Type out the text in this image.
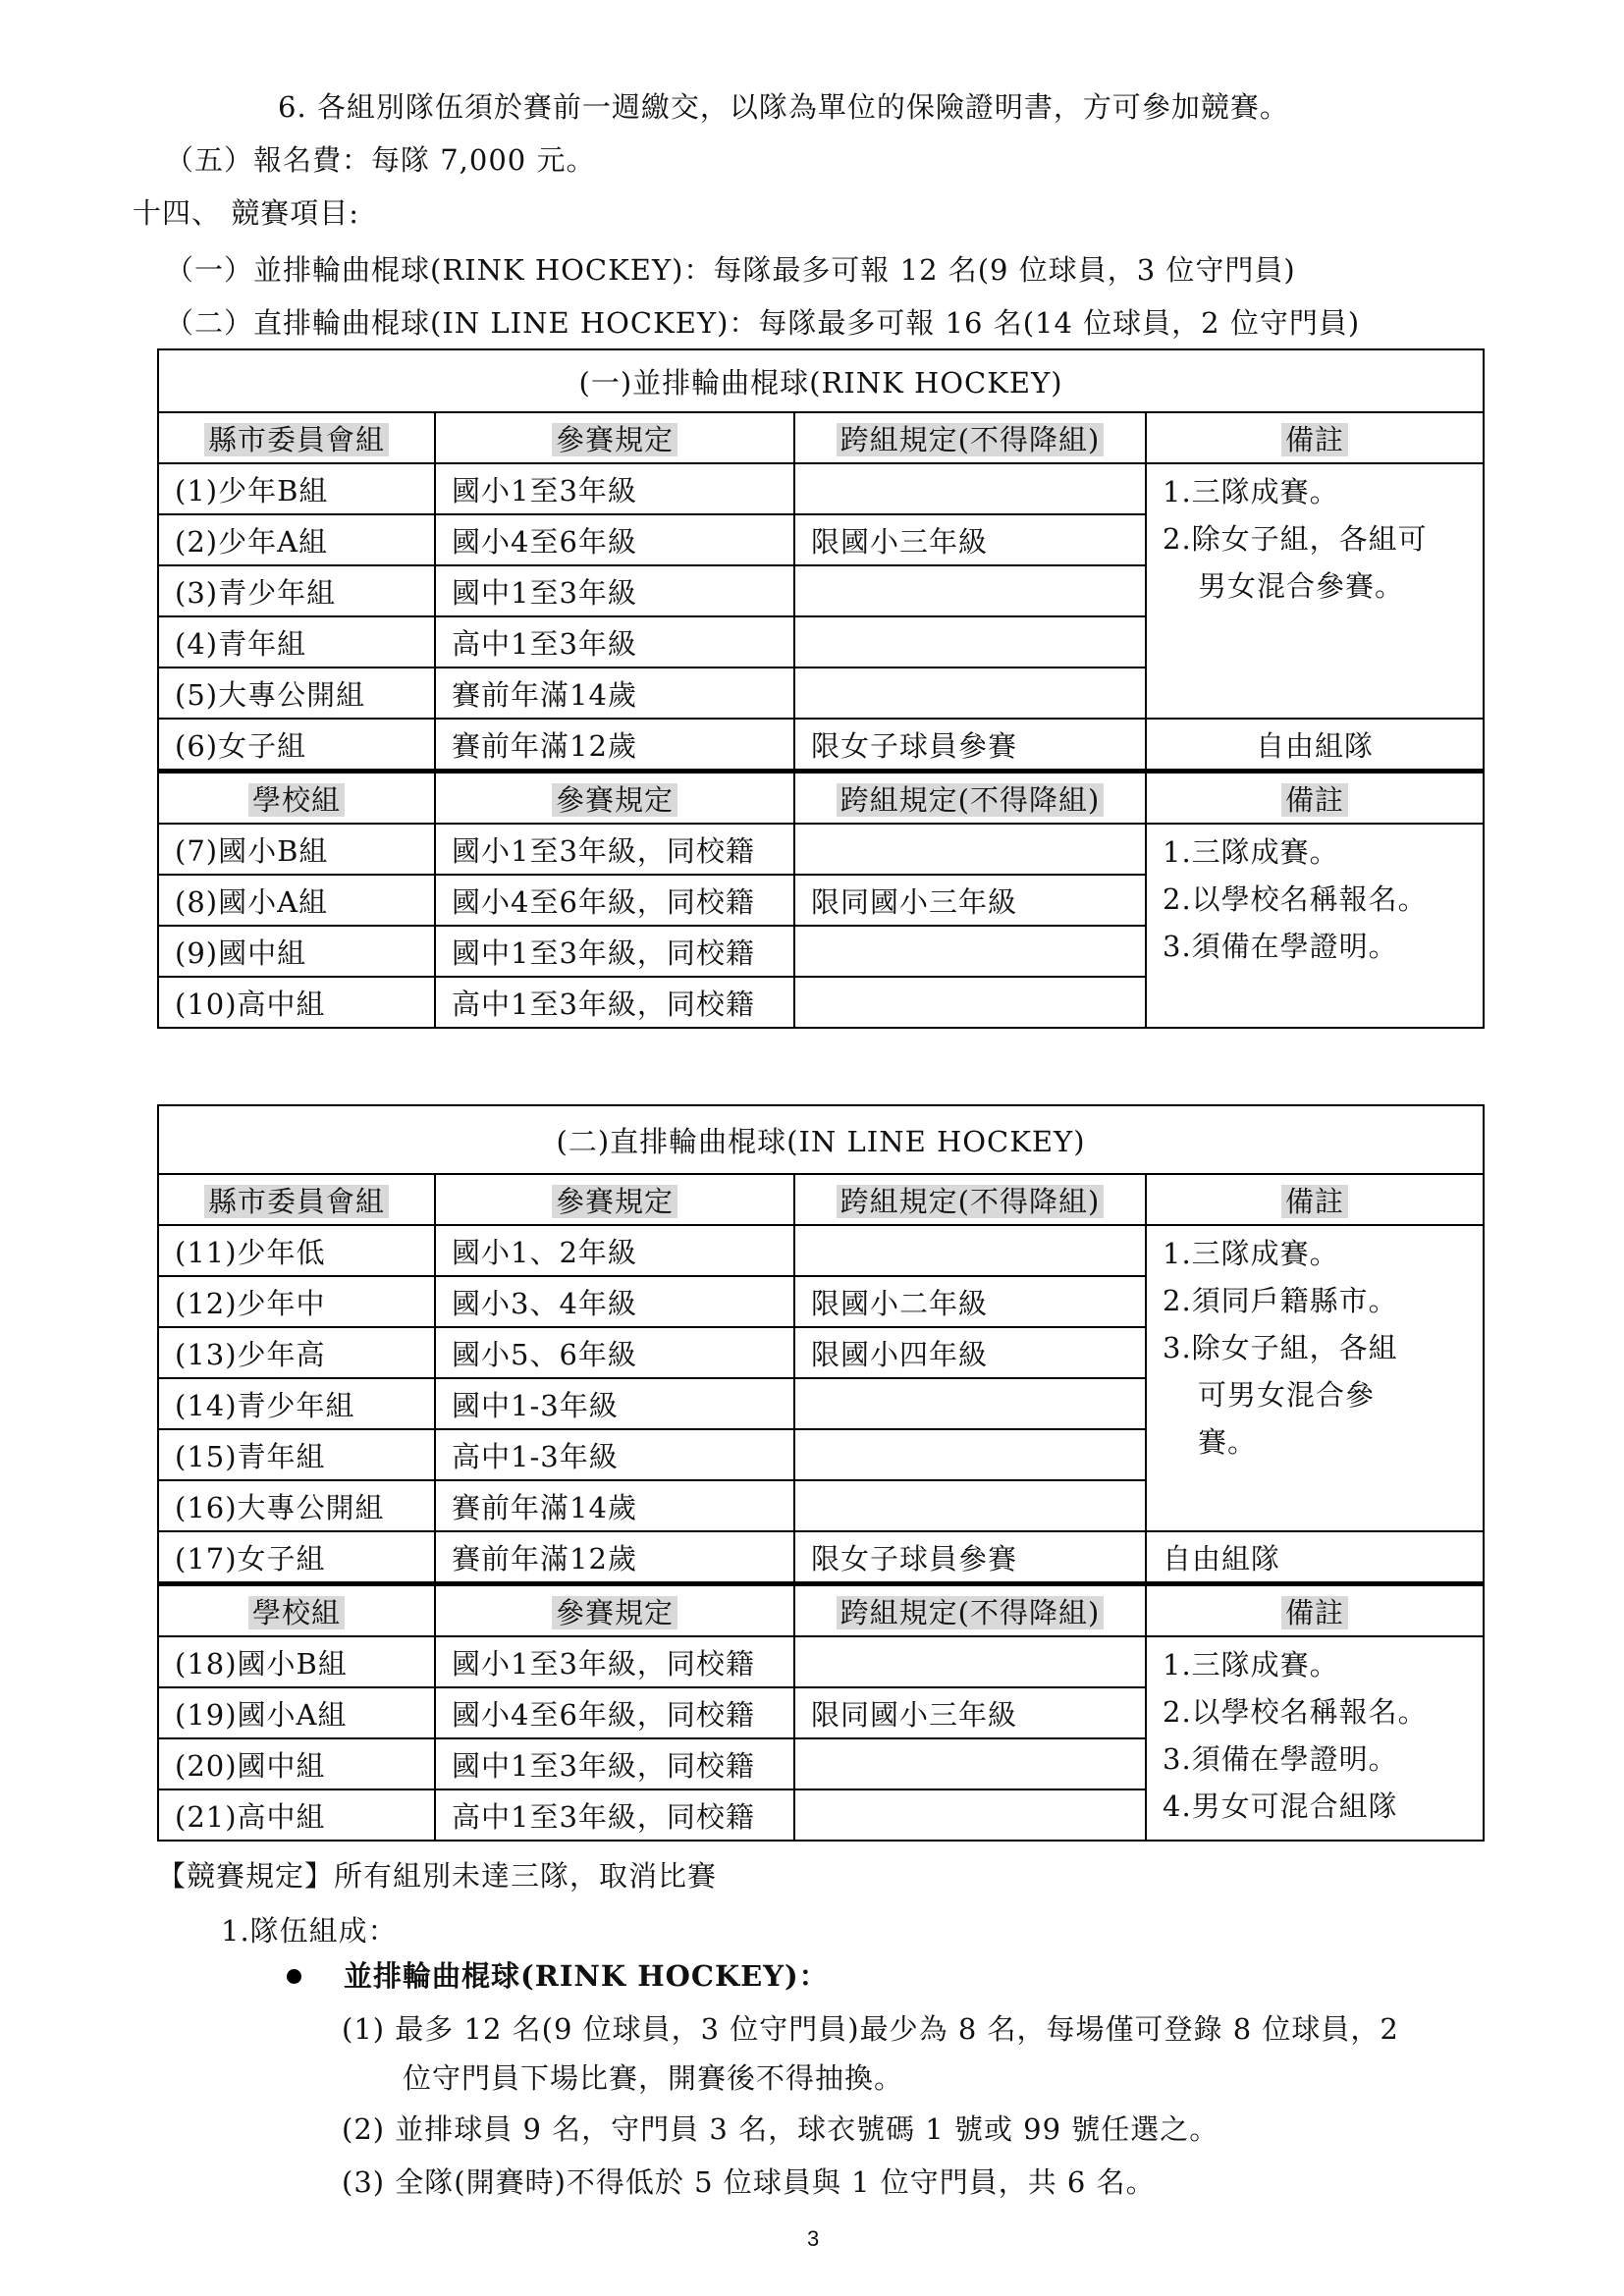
6. 各組別隊伍須於賽前一週繳交，以隊為單位的保險證明書，方可參加競賽。
（五）報名費：每隊 7,000 元。
十四、 競賽項目:
（一）並排輪曲棍球(RINK HOCKEY)：每隊最多可報 12 名(9 位球員，3 位守門員)
（二）直排輪曲棍球(IN LINE HOCKEY)：每隊最多可報 16 名(14 位球員，2 位守門員)
(一)並排輪曲棍球(RINK HOCKEY)			
縣市委員會組	參賽規定	跨組規定(不得降組)	備註
(1)少年B組	國小1至3年級		1.三隊成賽。
2.除女子組，各組可
男女混合參賽。

(2)少年A組	國小4至6年級	限國小三年級	
(3)青少年組	國中1至3年級		
(4)青年組	高中1至3年級		
(5)大專公開組	賽前年滿14歲		
(6)女子組	賽前年滿12歲	限女子球員參賽	自由組隊
學校組	參賽規定	跨組規定(不得降組)	備註
(7)國小B組	國小1至3年級，同校籍		1.三隊成賽。
2.以學校名稱報名。
3.須備在學證明。

(8)國小A組	國小4至6年級，同校籍	限同國小三年級	
(9)國中組	國中1至3年級，同校籍		
(10)高中組	高中1至3年級，同校籍		
(二)直排輪曲棍球(IN LINE HOCKEY)			
縣市委員會組	參賽規定	跨組規定(不得降組)	備註
(11)少年低	國小1、2年級		1.三隊成賽。
2.須同戶籍縣市。
3.除女子組，各組
可男女混合參
賽。

(12)少年中	國小3、4年級	限國小二年級	
(13)少年高	國小5、6年級	限國小四年級	
(14)青少年組	國中1-3年級		
(15)青年組	高中1-3年級		
(16)大專公開組	賽前年滿14歲		
(17)女子組	賽前年滿12歲	限女子球員參賽	自由組隊
學校組	參賽規定	跨組規定(不得降組)	備註
(18)國小B組	國小1至3年級，同校籍		1.三隊成賽。
2.以學校名稱報名。
3.須備在學證明。
4.男女可混合組隊

(19)國小A組	國小4至6年級，同校籍	限同國小三年級	
(20)國中組	國中1至3年級，同校籍		
(21)高中組	高中1至3年級，同校籍		
【競賽規定】所有組別未達三隊，取消比賽
1.隊伍組成：
並排輪曲棍球(RINK HOCKEY)：
(1) 最多 12 名(9 位球員，3 位守門員)最少為 8 名，每場僅可登錄 8 位球員，2
位守門員下場比賽，開賽後不得抽換。
(2) 並排球員 9 名，守門員 3 名，球衣號碼 1 號或 99 號任選之。
(3) 全隊(開賽時)不得低於 5 位球員與 1 位守門員，共 6 名。
3
